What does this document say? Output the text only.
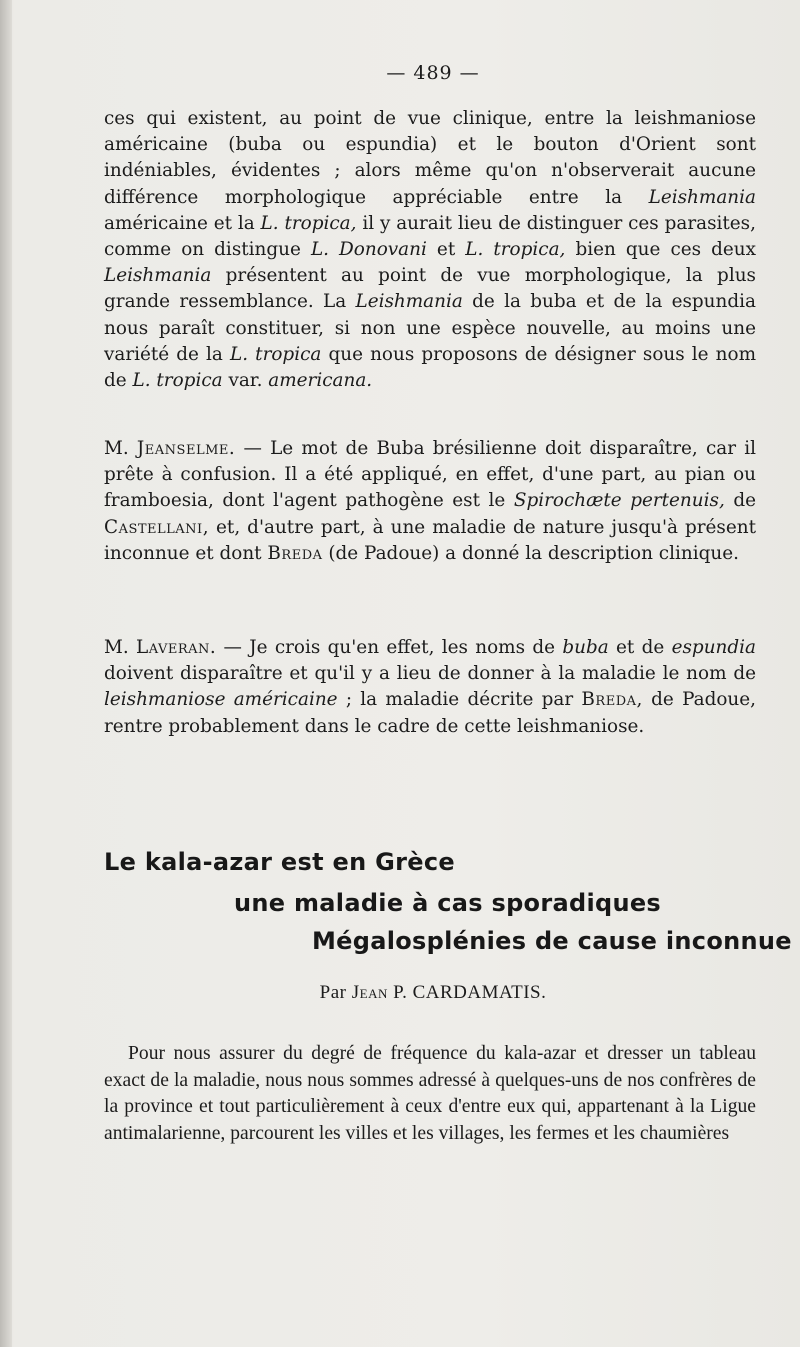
— 489 —

ces qui existent, au point de vue clinique, entre la leishmaniose américaine (buba ou espundia) et le bouton d'Orient sont indéniables, évidentes ; alors même qu'on n'observerait aucune différence morphologique appréciable entre la Leishmania américaine et la L. tropica, il y aurait lieu de distinguer ces parasites, comme on distingue L. Donovani et L. tropica, bien que ces deux Leishmania présentent au point de vue morphologique, la plus grande ressemblance. La Leishmania de la buba et de la espundia nous paraît constituer, si non une espèce nouvelle, au moins une variété de la L. tropica que nous proposons de désigner sous le nom de L. tropica var. americana.

M. Jeanselme. — Le mot de Buba brésilienne doit disparaître, car il prête à confusion. Il a été appliqué, en effet, d'une part, au pian ou framboesia, dont l'agent pathogène est le Spirochæte pertenuis, de Castellani, et, d'autre part, à une maladie de nature jusqu'à présent inconnue et dont Breda (de Padoue) a donné la description clinique.

M. Laveran. — Je crois qu'en effet, les noms de buba et de espundia doivent disparaître et qu'il y a lieu de donner à la maladie le nom de leishmaniose américaine ; la maladie décrite par Breda, de Padoue, rentre probablement dans le cadre de cette leishmaniose.

Le kala-azar est en Grèce
une maladie à cas sporadiques
Mégalosplénies de cause inconnue
Par Jean P. CARDAMATIS.

Pour nous assurer du degré de fréquence du kala-azar et dresser un tableau exact de la maladie, nous nous sommes adressé à quelques-uns de nos confrères de la province et tout particulièrement à ceux d'entre eux qui, appartenant à la Ligue antimalarienne, parcourent les villes et les villages, les fermes et les chaumières
